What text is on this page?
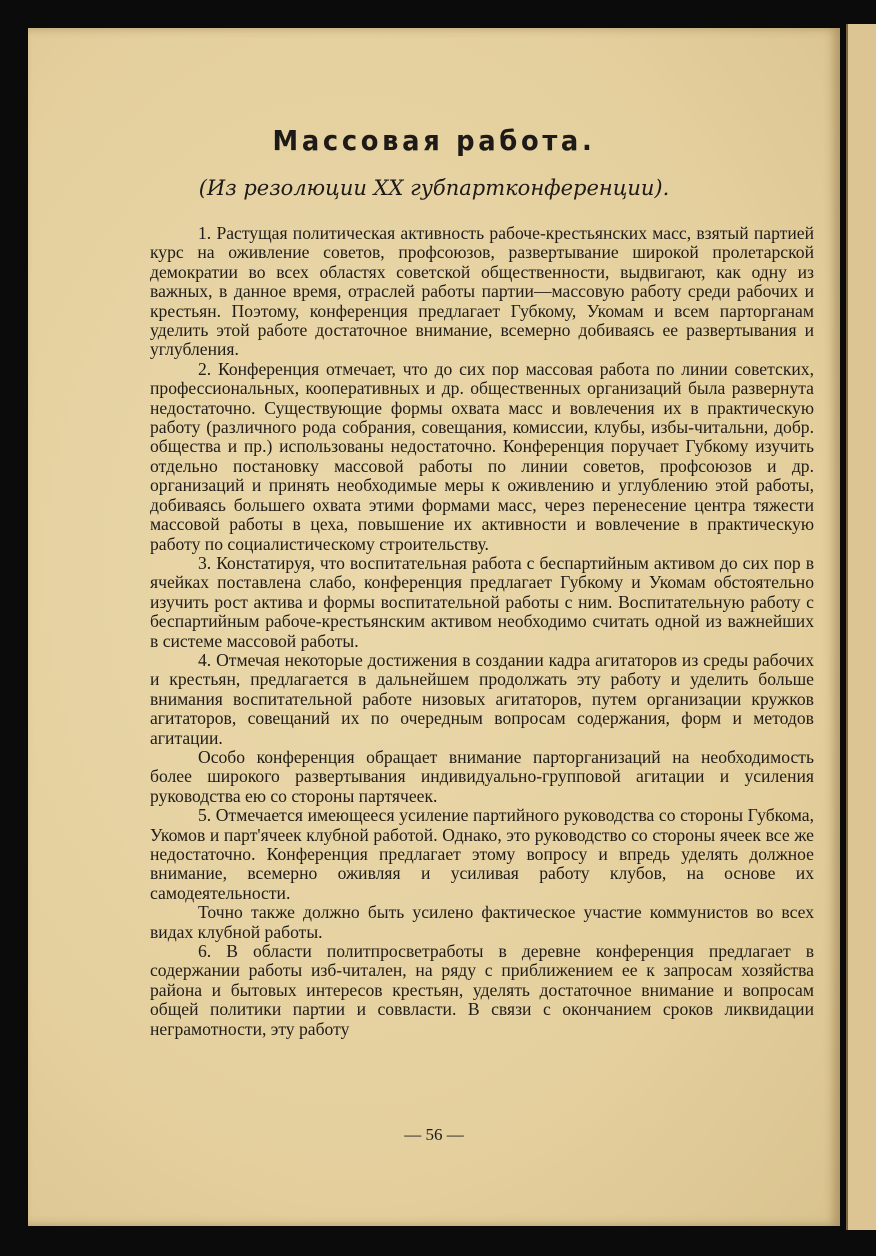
Массовая работа.
(Из резолюции XX губпартконференции).

1. Растущая политическая активность рабоче-крестьянских масс, взятый партией курс на оживление советов, профсоюзов, развертывание широкой пролетарской демократии во всех областях советской общественности, выдвигают, как одну из важных, в данное время, отраслей работы партии—массовую работу среди рабочих и крестьян. Поэтому, конференция предлагает Губкому, Укомам и всем парторганам уделить этой работе достаточное внимание, всемерно добиваясь ее развертывания и углубления.

2. Конференция отмечает, что до сих пор массовая работа по линии советских, профессиональных, кооперативных и др. общественных организаций была развернута недостаточно. Существующие формы охвата масс и вовлечения их в практическую работу (различного рода собрания, совещания, комиссии, клубы, избы-читальни, добр. общества и пр.) использованы недостаточно. Конференция поручает Губкому изучить отдельно постановку массовой работы по линии советов, профсоюзов и др. организаций и принять необходимые меры к оживлению и углублению этой работы, добиваясь большего охвата этими формами масс, через перенесение центра тяжести массовой работы в цеха, повышение их активности и вовлечение в практическую работу по социалистическому строительству.

3. Констатируя, что воспитательная работа с беспартийным активом до сих пор в ячейках поставлена слабо, конференция предлагает Губкому и Укомам обстоятельно изучить рост актива и формы воспитательной работы с ним. Воспитательную работу с беспартийным рабоче-крестьянским активом необходимо считать одной из важнейших в системе массовой работы.

4. Отмечая некоторые достижения в создании кадра агитаторов из среды рабочих и крестьян, предлагается в дальнейшем продолжать эту работу и уделить больше внимания воспитательной работе низовых агитаторов, путем организации кружков агитаторов, совещаний их по очередным вопросам содержания, форм и методов агитации.

Особо конференция обращает внимание парторганизаций на необходимость более широкого развертывания индивидуально-групповой агитации и усиления руководства ею со стороны партячеек.

5. Отмечается имеющееся усиление партийного руководства со стороны Губкома, Укомов и парт'ячеек клубной работой. Однако, это руководство со стороны ячеек все же недостаточно. Конференция предлагает этому вопросу и впредь уделять должное внимание, всемерно оживляя и усиливая работу клубов, на основе их самодеятельности.

Точно также должно быть усилено фактическое участие коммунистов во всех видах клубной работы.

6. В области политпросветработы в деревне конференция предлагает в содержании работы изб-читален, на ряду с приближением ее к запросам хозяйства района и бытовых интересов крестьян, уделять достаточное внимание и вопросам общей политики партии и соввласти. В связи с окончанием сроков ликвидации неграмотности, эту работу

— 56 —
